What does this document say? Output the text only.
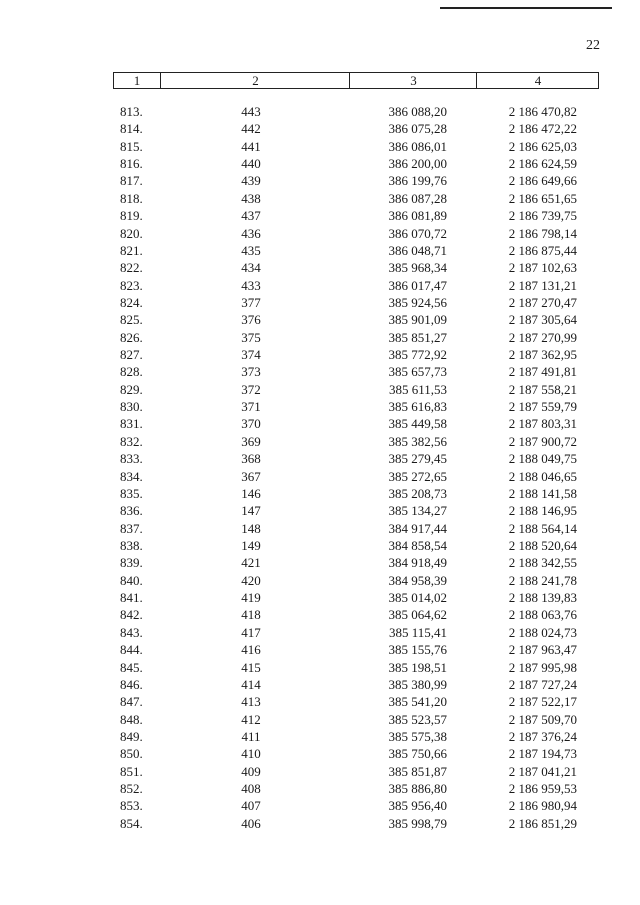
22
1	2	3	4
813.	443	386 088,20	2 186 470,82
814.	442	386 075,28	2 186 472,22
815.	441	386 086,01	2 186 625,03
816.	440	386 200,00	2 186 624,59
817.	439	386 199,76	2 186 649,66
818.	438	386 087,28	2 186 651,65
819.	437	386 081,89	2 186 739,75
820.	436	386 070,72	2 186 798,14
821.	435	386 048,71	2 186 875,44
822.	434	385 968,34	2 187 102,63
823.	433	386 017,47	2 187 131,21
824.	377	385 924,56	2 187 270,47
825.	376	385 901,09	2 187 305,64
826.	375	385 851,27	2 187 270,99
827.	374	385 772,92	2 187 362,95
828.	373	385 657,73	2 187 491,81
829.	372	385 611,53	2 187 558,21
830.	371	385 616,83	2 187 559,79
831.	370	385 449,58	2 187 803,31
832.	369	385 382,56	2 187 900,72
833.	368	385 279,45	2 188 049,75
834.	367	385 272,65	2 188 046,65
835.	146	385 208,73	2 188 141,58
836.	147	385 134,27	2 188 146,95
837.	148	384 917,44	2 188 564,14
838.	149	384 858,54	2 188 520,64
839.	421	384 918,49	2 188 342,55
840.	420	384 958,39	2 188 241,78
841.	419	385 014,02	2 188 139,83
842.	418	385 064,62	2 188 063,76
843.	417	385 115,41	2 188 024,73
844.	416	385 155,76	2 187 963,47
845.	415	385 198,51	2 187 995,98
846.	414	385 380,99	2 187 727,24
847.	413	385 541,20	2 187 522,17
848.	412	385 523,57	2 187 509,70
849.	411	385 575,38	2 187 376,24
850.	410	385 750,66	2 187 194,73
851.	409	385 851,87	2 187 041,21
852.	408	385 886,80	2 186 959,53
853.	407	385 956,40	2 186 980,94
854.	406	385 998,79	2 186 851,29
